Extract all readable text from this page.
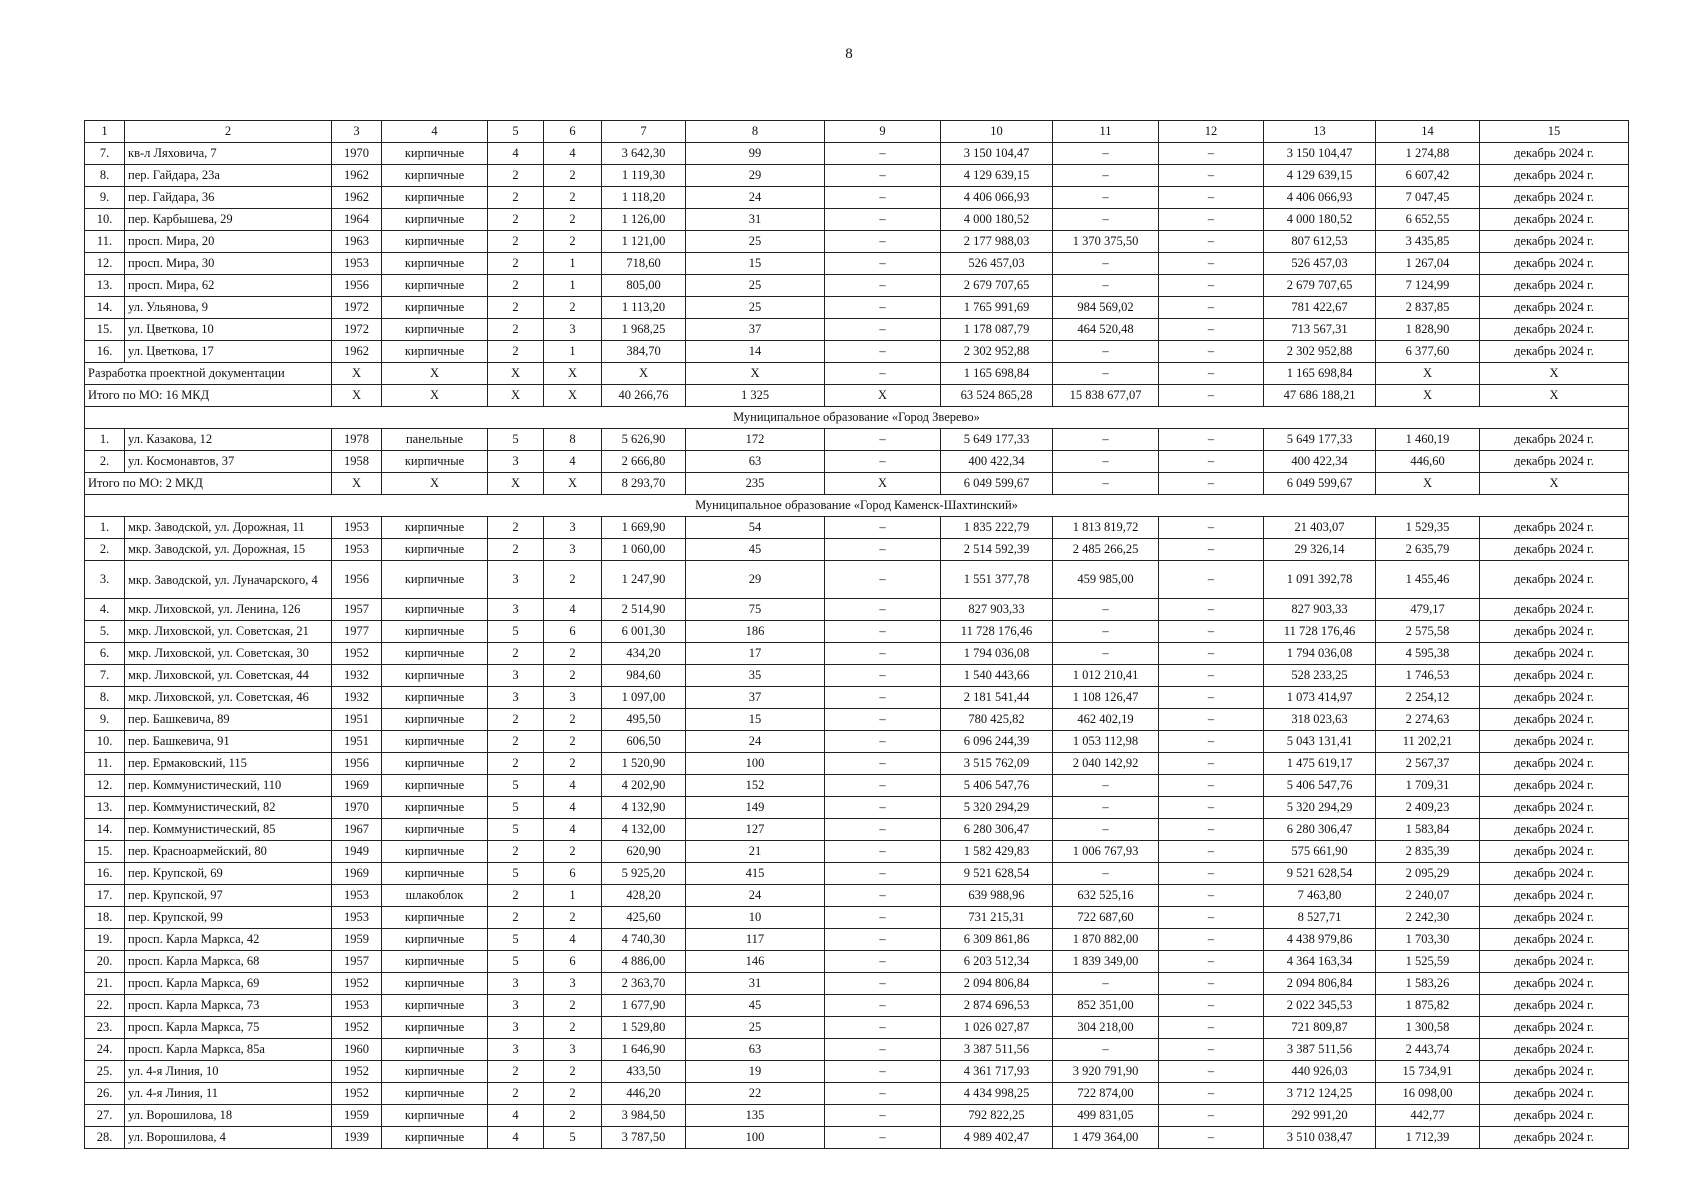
8
1	2	3	4	5	6	7	8	9	10	11	12	13	14	15
7.	кв-л Ляховича, 7	1970	кирпичные	4	4	3 642,30	99	–	3 150 104,47	–	–	3 150 104,47	1 274,88	декабрь 2024 г.
8.	пер. Гайдара, 23а	1962	кирпичные	2	2	1 119,30	29	–	4 129 639,15	–	–	4 129 639,15	6 607,42	декабрь 2024 г.
9.	пер. Гайдара, 36	1962	кирпичные	2	2	1 118,20	24	–	4 406 066,93	–	–	4 406 066,93	7 047,45	декабрь 2024 г.
10.	пер. Карбышева, 29	1964	кирпичные	2	2	1 126,00	31	–	4 000 180,52	–	–	4 000 180,52	6 652,55	декабрь 2024 г.
11.	просп. Мира, 20	1963	кирпичные	2	2	1 121,00	25	–	2 177 988,03	1 370 375,50	–	807 612,53	3 435,85	декабрь 2024 г.
12.	просп. Мира, 30	1953	кирпичные	2	1	718,60	15	–	526 457,03	–	–	526 457,03	1 267,04	декабрь 2024 г.
13.	просп. Мира, 62	1956	кирпичные	2	1	805,00	25	–	2 679 707,65	–	–	2 679 707,65	7 124,99	декабрь 2024 г.
14.	ул. Ульянова, 9	1972	кирпичные	2	2	1 113,20	25	–	1 765 991,69	984 569,02	–	781 422,67	2 837,85	декабрь 2024 г.
15.	ул. Цветкова, 10	1972	кирпичные	2	3	1 968,25	37	–	1 178 087,79	464 520,48	–	713 567,31	1 828,90	декабрь 2024 г.
16.	ул. Цветкова, 17	1962	кирпичные	2	1	384,70	14	–	2 302 952,88	–	–	2 302 952,88	6 377,60	декабрь 2024 г.
Разработка проектной документации		X	X	X	X	X	X	–	1 165 698,84	–	–	1 165 698,84	X	X
Итого по МО: 16 МКД		X	X	X	X	40 266,76	1 325	X	63 524 865,28	15 838 677,07	–	47 686 188,21	X	X
Муниципальное образование «Город Зверево»														
1.	ул. Казакова, 12	1978	панельные	5	8	5 626,90	172	–	5 649 177,33	–	–	5 649 177,33	1 460,19	декабрь 2024 г.
2.	ул. Космонавтов, 37	1958	кирпичные	3	4	2 666,80	63	–	400 422,34	–	–	400 422,34	446,60	декабрь 2024 г.
Итого по МО: 2 МКД		X	X	X	X	8 293,70	235	X	6 049 599,67	–	–	6 049 599,67	X	X
Муниципальное образование «Город Каменск-Шахтинский»														
1.	мкр. Заводской, ул. Дорожная, 11	1953	кирпичные	2	3	1 669,90	54	–	1 835 222,79	1 813 819,72	–	21 403,07	1 529,35	декабрь 2024 г.
2.	мкр. Заводской, ул. Дорожная, 15	1953	кирпичные	2	3	1 060,00	45	–	2 514 592,39	2 485 266,25	–	29 326,14	2 635,79	декабрь 2024 г.
3.	мкр. Заводской, ул. Луначарского, 4	1956	кирпичные	3	2	1 247,90	29	–	1 551 377,78	459 985,00	–	1 091 392,78	1 455,46	декабрь 2024 г.
4.	мкр. Лиховской, ул. Ленина, 126	1957	кирпичные	3	4	2 514,90	75	–	827 903,33	–	–	827 903,33	479,17	декабрь 2024 г.
5.	мкр. Лиховской, ул. Советская, 21	1977	кирпичные	5	6	6 001,30	186	–	11 728 176,46	–	–	11 728 176,46	2 575,58	декабрь 2024 г.
6.	мкр. Лиховской, ул. Советская, 30	1952	кирпичные	2	2	434,20	17	–	1 794 036,08	–	–	1 794 036,08	4 595,38	декабрь 2024 г.
7.	мкр. Лиховской, ул. Советская, 44	1932	кирпичные	3	2	984,60	35	–	1 540 443,66	1 012 210,41	–	528 233,25	1 746,53	декабрь 2024 г.
8.	мкр. Лиховской, ул. Советская, 46	1932	кирпичные	3	3	1 097,00	37	–	2 181 541,44	1 108 126,47	–	1 073 414,97	2 254,12	декабрь 2024 г.
9.	пер. Башкевича, 89	1951	кирпичные	2	2	495,50	15	–	780 425,82	462 402,19	–	318 023,63	2 274,63	декабрь 2024 г.
10.	пер. Башкевича, 91	1951	кирпичные	2	2	606,50	24	–	6 096 244,39	1 053 112,98	–	5 043 131,41	11 202,21	декабрь 2024 г.
11.	пер. Ермаковский, 115	1956	кирпичные	2	2	1 520,90	100	–	3 515 762,09	2 040 142,92	–	1 475 619,17	2 567,37	декабрь 2024 г.
12.	пер. Коммунистический, 110	1969	кирпичные	5	4	4 202,90	152	–	5 406 547,76	–	–	5 406 547,76	1 709,31	декабрь 2024 г.
13.	пер. Коммунистический, 82	1970	кирпичные	5	4	4 132,90	149	–	5 320 294,29	–	–	5 320 294,29	2 409,23	декабрь 2024 г.
14.	пер. Коммунистический, 85	1967	кирпичные	5	4	4 132,00	127	–	6 280 306,47	–	–	6 280 306,47	1 583,84	декабрь 2024 г.
15.	пер. Красноармейский, 80	1949	кирпичные	2	2	620,90	21	–	1 582 429,83	1 006 767,93	–	575 661,90	2 835,39	декабрь 2024 г.
16.	пер. Крупской, 69	1969	кирпичные	5	6	5 925,20	415	–	9 521 628,54	–	–	9 521 628,54	2 095,29	декабрь 2024 г.
17.	пер. Крупской, 97	1953	шлакоблок	2	1	428,20	24	–	639 988,96	632 525,16	–	7 463,80	2 240,07	декабрь 2024 г.
18.	пер. Крупской, 99	1953	кирпичные	2	2	425,60	10	–	731 215,31	722 687,60	–	8 527,71	2 242,30	декабрь 2024 г.
19.	просп. Карла Маркса, 42	1959	кирпичные	5	4	4 740,30	117	–	6 309 861,86	1 870 882,00	–	4 438 979,86	1 703,30	декабрь 2024 г.
20.	просп. Карла Маркса, 68	1957	кирпичные	5	6	4 886,00	146	–	6 203 512,34	1 839 349,00	–	4 364 163,34	1 525,59	декабрь 2024 г.
21.	просп. Карла Маркса, 69	1952	кирпичные	3	3	2 363,70	31	–	2 094 806,84	–	–	2 094 806,84	1 583,26	декабрь 2024 г.
22.	просп. Карла Маркса, 73	1953	кирпичные	3	2	1 677,90	45	–	2 874 696,53	852 351,00	–	2 022 345,53	1 875,82	декабрь 2024 г.
23.	просп. Карла Маркса, 75	1952	кирпичные	3	2	1 529,80	25	–	1 026 027,87	304 218,00	–	721 809,87	1 300,58	декабрь 2024 г.
24.	просп. Карла Маркса, 85а	1960	кирпичные	3	3	1 646,90	63	–	3 387 511,56	–	–	3 387 511,56	2 443,74	декабрь 2024 г.
25.	ул. 4-я Линия, 10	1952	кирпичные	2	2	433,50	19	–	4 361 717,93	3 920 791,90	–	440 926,03	15 734,91	декабрь 2024 г.
26.	ул. 4-я Линия, 11	1952	кирпичные	2	2	446,20	22	–	4 434 998,25	722 874,00	–	3 712 124,25	16 098,00	декабрь 2024 г.
27.	ул. Ворошилова, 18	1959	кирпичные	4	2	3 984,50	135	–	792 822,25	499 831,05	–	292 991,20	442,77	декабрь 2024 г.
28.	ул. Ворошилова, 4	1939	кирпичные	4	5	3 787,50	100	–	4 989 402,47	1 479 364,00	–	3 510 038,47	1 712,39	декабрь 2024 г.
